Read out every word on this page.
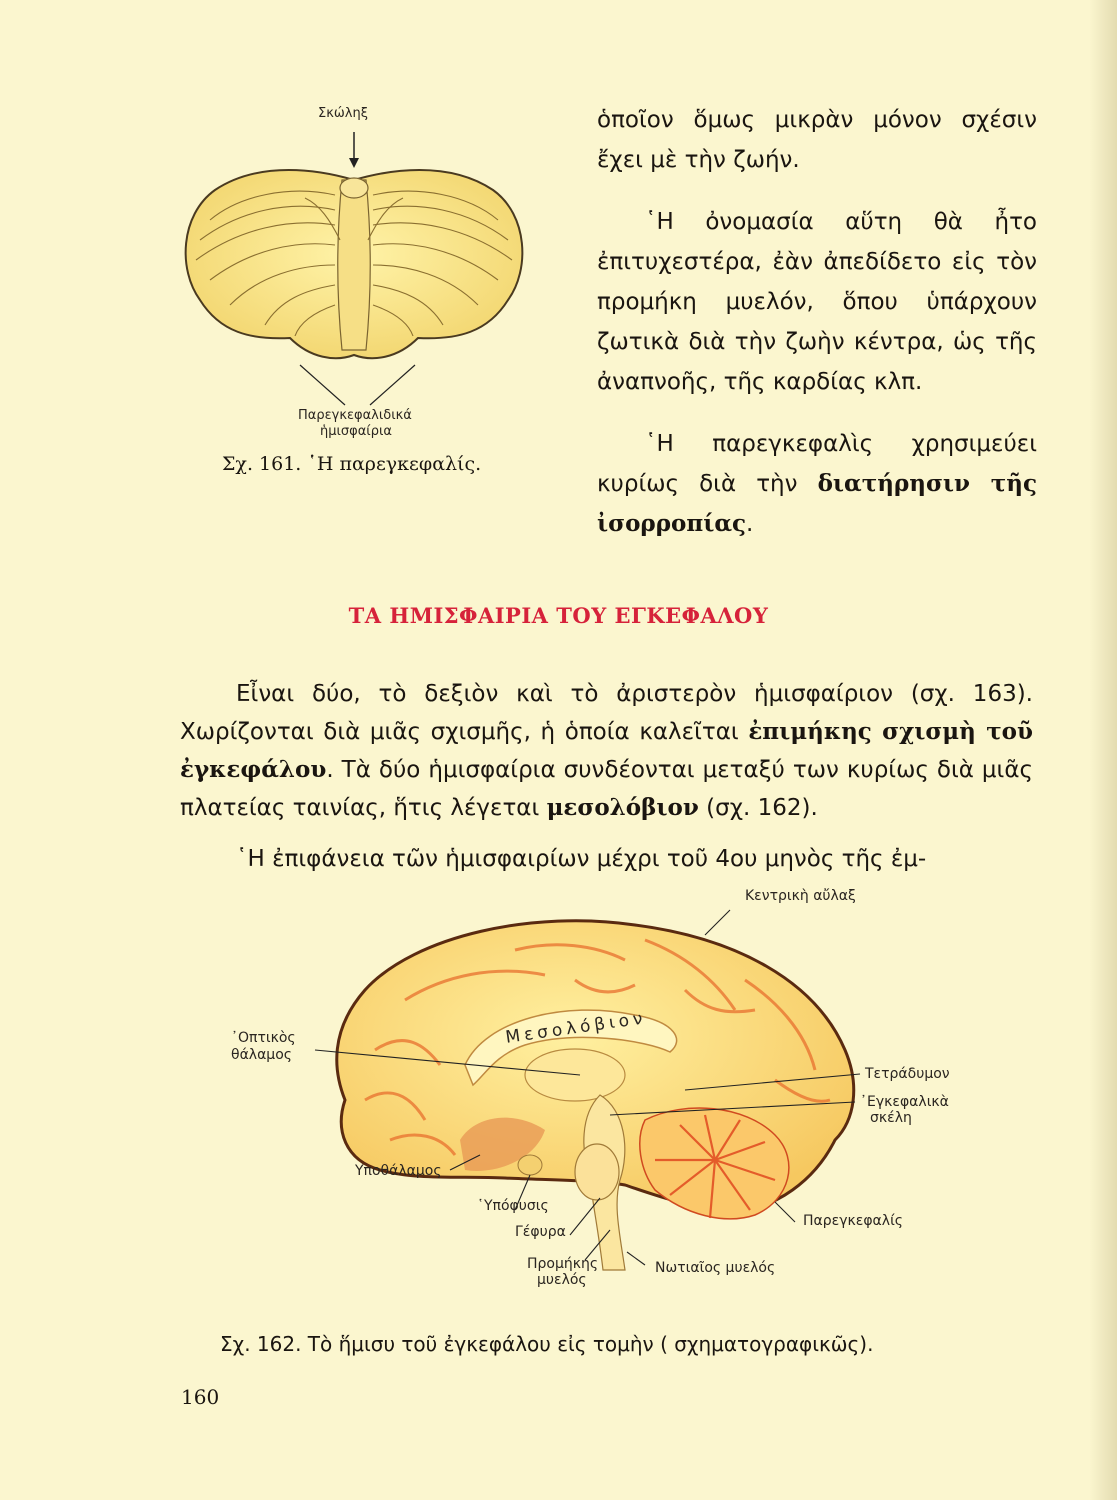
Σκώληξ
Παρεγκεφαλιδικά
ἡμισφαίρια
Σχ. 161. ῾Η παρεγκεφαλίς.

ὁποῖον ὅμως μικρὰν μόνον σχέσιν ἔχει μὲ τὴν ζωήν.

῾Η ὀνομασία αὕτη θὰ ἦτο ἐπιτυχεστέρα, ἐὰν ἀπεδίδετο εἰς τὸν προμήκη μυελόν, ὅπου ὑπάρχουν ζωτικὰ διὰ τὴν ζωὴν κέντρα, ὡς τῆς ἀναπνοῆς, τῆς καρδίας κλπ.

῾Η παρεγκεφαλὶς χρησιμεύει κυρίως διὰ τὴν διατήρησιν τῆς ἰσορροπίας.

ΤΑ ΗΜΙΣΦΑΙΡΙΑ ΤΟΥ ΕΓΚΕΦΑΛΟΥ

Εἶναι δύο, τὸ δεξιὸν καὶ τὸ ἀριστερὸν ἡμισφαίριον (σχ. 163). Χωρίζονται διὰ μιᾶς σχισμῆς, ἡ ὁποία καλεῖται ἐπιμήκης σχισμὴ τοῦ ἐγκεφάλου. Τὰ δύο ἡμισφαίρια συνδέονται μεταξύ των κυρίως διὰ μιᾶς πλατείας ταινίας, ἥτις λέγεται μεσολόβιον (σχ. 162).

῾Η ἐπιφάνεια τῶν ἡμισφαιρίων μέχρι τοῦ 4ου μηνὸς τῆς ἐμ-

Κεντρικὴ αὔλαξ
᾿Οπτικὸς
θάλαμος
Μεσολόβιον
Τετράδυμον
᾿Εγκεφαλικὰ
σκέλη
Υποθάλαμος
῾Υπόφυσις
Γέφυρα
Παρεγκεφαλίς
Προμήκης
μυελός
Νωτιαῖος μυελός
Σχ. 162. Τὸ ἥμισυ τοῦ ἐγκεφάλου εἰς τομὴν ( σχηματογραφικῶς).
160
